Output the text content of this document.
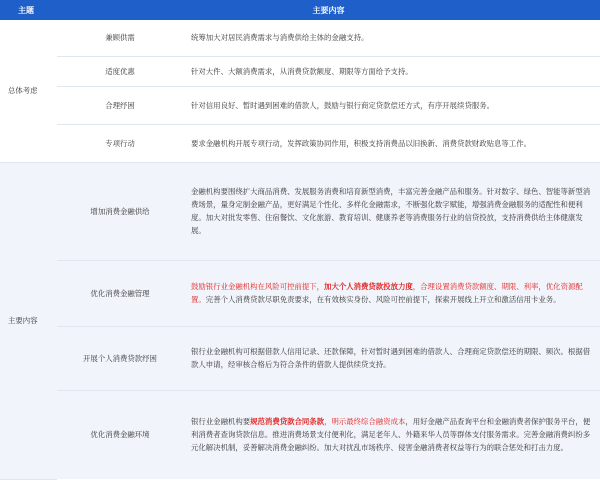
主题	主要内容	
总体考虑	兼顾供需	统筹加大对居民消费需求与消费供给主体的金融支持。
	适度优惠	针对大件、大额消费需求，从消费贷款额度、期限等方面给予支持。
	合理纾困	针对信用良好、暂时遇到困难的借款人，鼓励与银行商定贷款偿还方式，有序开展续贷服务。
	专项行动	要求金融机构开展专项行动，发挥政策协同作用，积极支持消费品以旧换新、消费贷款财政贴息等工作。
主要内容	增加消费金融供给	金融机构要围绕扩大商品消费、发展服务消费和培育新型消费，丰富完善金融产品和服务。针对数字、绿色、智能等新型消费场景，量身定制金融产品，更好满足个性化、多样化金融需求，不断强化数字赋能，增强消费金融服务的适配性和便利度。加大对批发零售、住宿餐饮、文化旅游、教育培训、健康养老等消费服务行业的信贷投放，支持消费供给主体健康发展。
	优化消费金融管理	鼓励银行业金融机构在风险可控前提下，加大个人消费贷款投放力度，合理设置消费贷款额度、期限、利率，优化资源配置。完善个人消费贷款尽职免责要求，在有效核实身份、风险可控前提下，探索开展线上开立和激活信用卡业务。
	开展个人消费贷款纾困	银行业金融机构可根据借款人信用记录、还款保障，针对暂时遇到困难的借款人、合理商定贷款偿还的期限、频次。根据借款人申请，经审核合格后为符合条件的借款人提供续贷支持。
	优化消费金融环境	银行业金融机构要规范消费贷款合同条款，明示最终综合融资成本，用好金融产品查询平台和金融消费者保护服务平台，便利消费者查询贷款信息。推进消费场景支付便利化，满足老年人、外籍来华人员等群体支付服务需求。完善金融消费纠纷多元化解决机制，妥善解决消费金融纠纷。加大对扰乱市场秩序、侵害金融消费者权益等行为的联合惩处和打击力度。
